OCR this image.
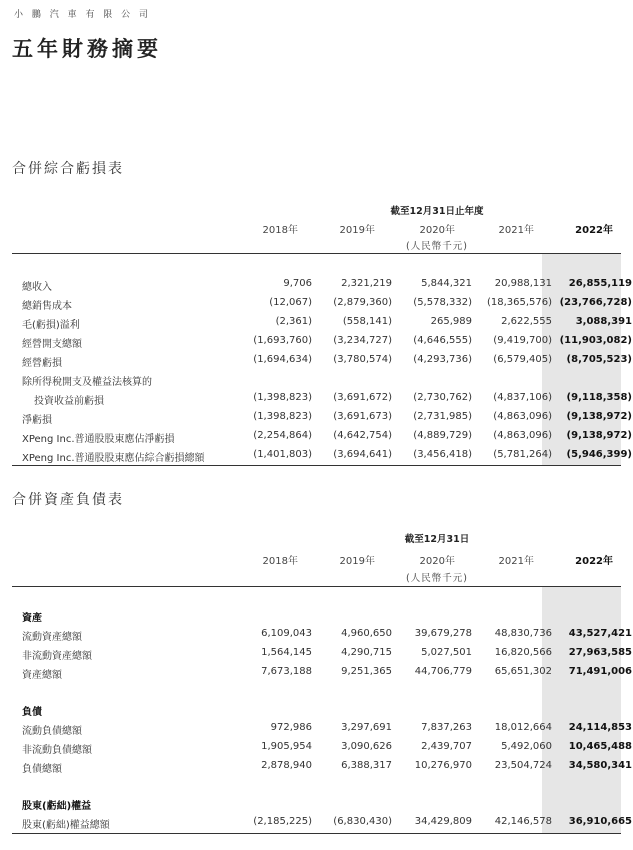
小 鵬 汽 車 有 限 公 司
五年財務摘要
合併綜合虧損表
截至12月31日止年度
2018年	2019年	2020年	2021年	2022年
(人民幣千元)
總收入	9,706	2,321,219	5,844,321	20,988,131	26,855,119
總銷售成本	(12,067)	(2,879,360)	(5,578,332)	(18,365,576) (23,766,728)
毛(虧損)溢利	(2,361)	(558,141)	265,989	2,622,555	3,088,391
經營開支總額	(1,693,760)	(3,234,727)	(4,646,555)	(9,419,700) (11,903,082)
經營虧損	(1,694,634)	(3,780,574)	(4,293,736)	(6,579,405)	(8,705,523)
除所得稅開支及權益法核算的
投資收益前虧損	(1,398,823)	(3,691,672)	(2,730,762)	(4,837,106)	(9,118,358)
淨虧損	(1,398,823)	(3,691,673)	(2,731,985)	(4,863,096)	(9,138,972)
XPeng Inc.普通股股東應佔淨虧損	(2,254,864)	(4,642,754)	(4,889,729)	(4,863,096)	(9,138,972)
XPeng Inc.普通股股東應佔綜合虧損總額	(1,401,803)	(3,694,641)	(3,456,418)	(5,781,264)	(5,946,399)
合併資產負債表
截至12月31日
2018年	2019年	2020年	2021年	2022年
(人民幣千元)
資產
流動資產總額	6,109,043	4,960,650	39,679,278	48,830,736	43,527,421
非流動資產總額	1,564,145	4,290,715	5,027,501	16,820,566	27,963,585
資產總額	7,673,188	9,251,365	44,706,779	65,651,302	71,491,006
負債
流動負債總額	972,986	3,297,691	7,837,263	18,012,664	24,114,853
非流動負債總額	1,905,954	3,090,626	2,439,707	5,492,060	10,465,488
負債總額	2,878,940	6,388,317	10,276,970	23,504,724	34,580,341
股東(虧絀)權益
股東(虧絀)權益總額	(2,185,225)	(6,830,430)	34,429,809	42,146,578	36,910,665
